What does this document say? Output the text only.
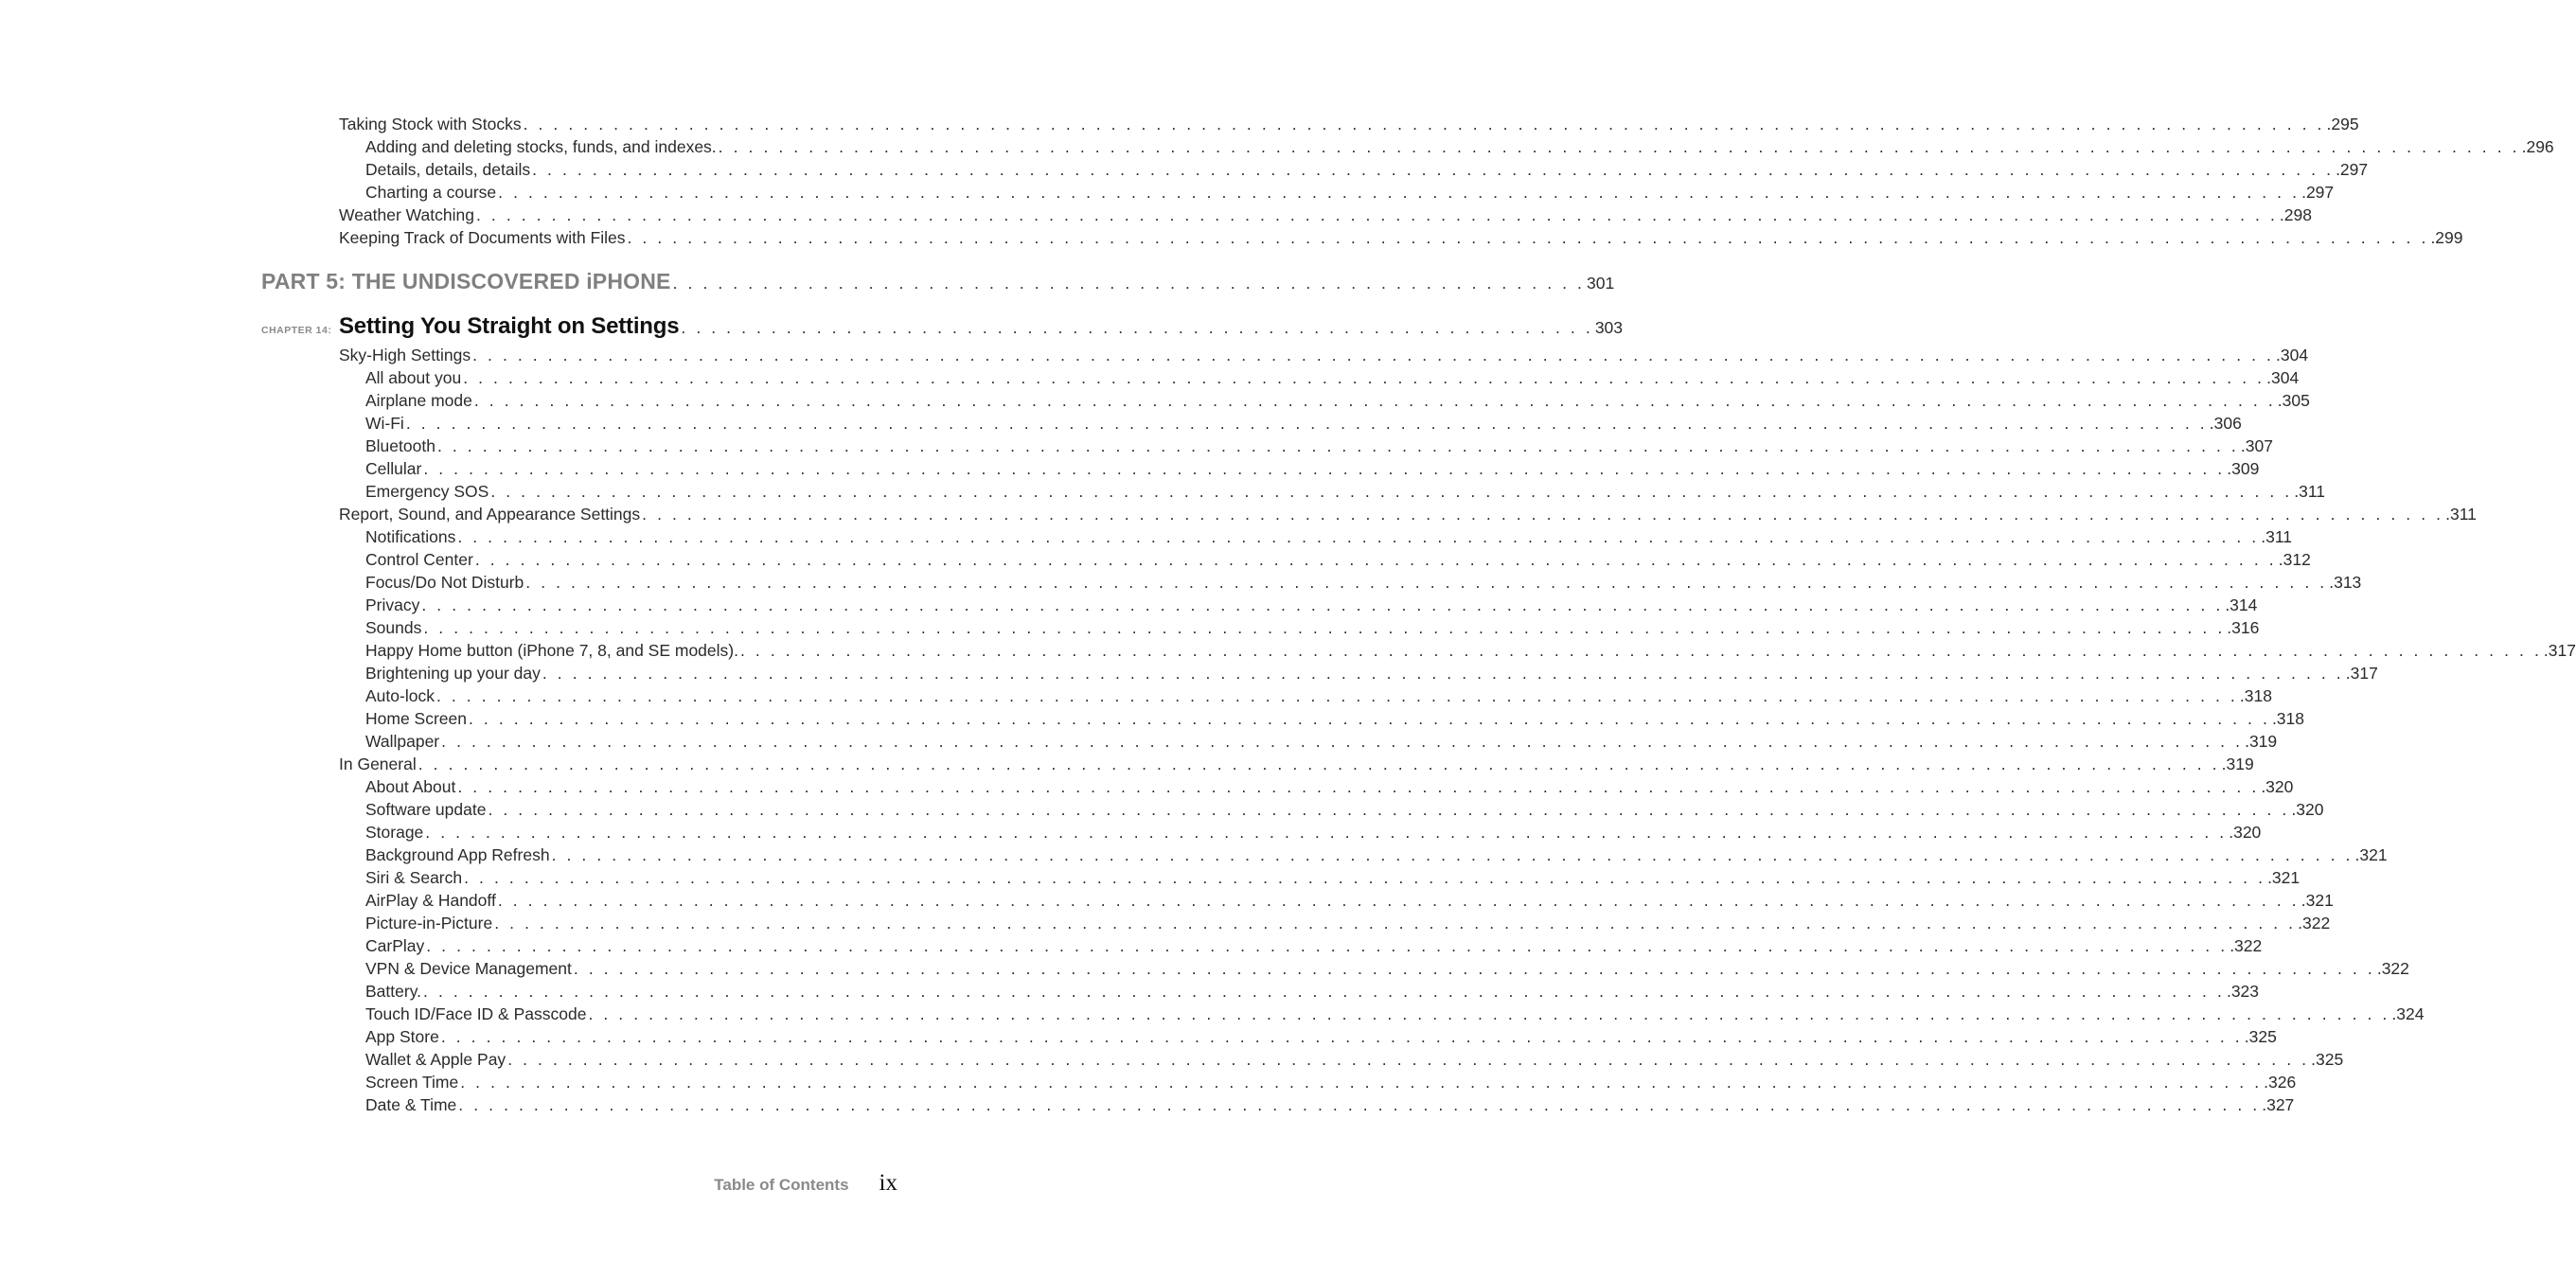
Taking Stock with Stocks . . . . . . . . . . . . . . . . . . . . . . . . . . . . . . . . . . . . . . . . . . . . . . . . . . . . . . . . . . . . . . . . . . . . . . . . . . . . . . . . . . . . . . . . . . . . . . . . . . . . . . . . . . . . . . . . . . . . . . . . .295
Adding and deleting stocks, funds, and indexes. . . . . . . . . . . . . . . . . . . . . . . . . . . . . . . . . . . . . . . . . . . . . . . . . . . . . . . . . . . . . . . . . . . . . . . . . . . . . . . . . . . . . . . . . . . . . . . . . . . . . . . . . . . . . . . . . . . . . . . . . .296
Details, details, details . . . . . . . . . . . . . . . . . . . . . . . . . . . . . . . . . . . . . . . . . . . . . . . . . . . . . . . . . . . . . . . . . . . . . . . . . . . . . . . . . . . . . . . . . . . . . . . . . . . . . . . . . . . . . . . . . . . . . . . . .297
Charting a course . . . . . . . . . . . . . . . . . . . . . . . . . . . . . . . . . . . . . . . . . . . . . . . . . . . . . . . . . . . . . . . . . . . . . . . . . . . . . . . . . . . . . . . . . . . . . . . . . . . . . . . . . . . . . . . . . . . . . . . . .297
Weather Watching . . . . . . . . . . . . . . . . . . . . . . . . . . . . . . . . . . . . . . . . . . . . . . . . . . . . . . . . . . . . . . . . . . . . . . . . . . . . . . . . . . . . . . . . . . . . . . . . . . . . . . . . . . . . . . . . . . . . . . . . .298
Keeping Track of Documents with Files . . . . . . . . . . . . . . . . . . . . . . . . . . . . . . . . . . . . . . . . . . . . . . . . . . . . . . . . . . . . . . . . . . . . . . . . . . . . . . . . . . . . . . . . . . . . . . . . . . . . . . . . . . . . . . . . . . . . . . . . .299
PART 5: THE UNDISCOVERED iPHONE . . . . . . . . . . . . . . . . . . . . . . . . . . . . . . . . . . . . . . . . . . . . . . . . . . . . . . . . . . . . . 301
CHAPTER 14: Setting You Straight on Settings . . . . . . . . . . . . . . . . . . . . . . . . . . . . . . . . . . . . . . . . . . . . . . . . . . . . . . . . . . . . . 303
Sky-High Settings . . . . . . . . . . . . . . . . . . . . . . . . . . . . . . . . . . . . . . . . . . . . . . . . . . . . . . . . . . . . . . . . . . . . . . . . . . . . . . . . . . . . . . . . . . . . . . . . . . . . . . . . . . . . . . . . . . . . . . . . .304
All about you . . . . . . . . . . . . . . . . . . . . . . . . . . . . . . . . . . . . . . . . . . . . . . . . . . . . . . . . . . . . . . . . . . . . . . . . . . . . . . . . . . . . . . . . . . . . . . . . . . . . . . . . . . . . . . . . . . . . . . . . .304
Airplane mode . . . . . . . . . . . . . . . . . . . . . . . . . . . . . . . . . . . . . . . . . . . . . . . . . . . . . . . . . . . . . . . . . . . . . . . . . . . . . . . . . . . . . . . . . . . . . . . . . . . . . . . . . . . . . . . . . . . . . . . . .305
Wi-Fi . . . . . . . . . . . . . . . . . . . . . . . . . . . . . . . . . . . . . . . . . . . . . . . . . . . . . . . . . . . . . . . . . . . . . . . . . . . . . . . . . . . . . . . . . . . . . . . . . . . . . . . . . . . . . . . . . . . . . . . . .306
Bluetooth . . . . . . . . . . . . . . . . . . . . . . . . . . . . . . . . . . . . . . . . . . . . . . . . . . . . . . . . . . . . . . . . . . . . . . . . . . . . . . . . . . . . . . . . . . . . . . . . . . . . . . . . . . . . . . . . . . . . . . . . .307
Cellular . . . . . . . . . . . . . . . . . . . . . . . . . . . . . . . . . . . . . . . . . . . . . . . . . . . . . . . . . . . . . . . . . . . . . . . . . . . . . . . . . . . . . . . . . . . . . . . . . . . . . . . . . . . . . . . . . . . . . . . . .309
Emergency SOS . . . . . . . . . . . . . . . . . . . . . . . . . . . . . . . . . . . . . . . . . . . . . . . . . . . . . . . . . . . . . . . . . . . . . . . . . . . . . . . . . . . . . . . . . . . . . . . . . . . . . . . . . . . . . . . . . . . . . . . . .311
Report, Sound, and Appearance Settings . . . . . . . . . . . . . . . . . . . . . . . . . . . . . . . . . . . . . . . . . . . . . . . . . . . . . . . . . . . . . . . . . . . . . . . . . . . . . . . . . . . . . . . . . . . . . . . . . . . . . . . . . . . . . . . . . . . . . . . . .311
Notifications . . . . . . . . . . . . . . . . . . . . . . . . . . . . . . . . . . . . . . . . . . . . . . . . . . . . . . . . . . . . . . . . . . . . . . . . . . . . . . . . . . . . . . . . . . . . . . . . . . . . . . . . . . . . . . . . . . . . . . . . .311
Control Center . . . . . . . . . . . . . . . . . . . . . . . . . . . . . . . . . . . . . . . . . . . . . . . . . . . . . . . . . . . . . . . . . . . . . . . . . . . . . . . . . . . . . . . . . . . . . . . . . . . . . . . . . . . . . . . . . . . . . . . . .312
Focus/Do Not Disturb . . . . . . . . . . . . . . . . . . . . . . . . . . . . . . . . . . . . . . . . . . . . . . . . . . . . . . . . . . . . . . . . . . . . . . . . . . . . . . . . . . . . . . . . . . . . . . . . . . . . . . . . . . . . . . . . . . . . . . . . .313
Privacy . . . . . . . . . . . . . . . . . . . . . . . . . . . . . . . . . . . . . . . . . . . . . . . . . . . . . . . . . . . . . . . . . . . . . . . . . . . . . . . . . . . . . . . . . . . . . . . . . . . . . . . . . . . . . . . . . . . . . . . . .314
Sounds . . . . . . . . . . . . . . . . . . . . . . . . . . . . . . . . . . . . . . . . . . . . . . . . . . . . . . . . . . . . . . . . . . . . . . . . . . . . . . . . . . . . . . . . . . . . . . . . . . . . . . . . . . . . . . . . . . . . . . . . .316
Happy Home button (iPhone 7, 8, and SE models). . . . . . . . . . . . . . . . . . . . . . . . . . . . . . . . . . . . . . . . . . . . . . . . . . . . . . . . . . . . . . . . . . . . . . . . . . . . . . . . . . . . . . . . . . . . . . . . . . . . . . . . . . . . . . . . . . . . . . . . . .317
Brightening up your day . . . . . . . . . . . . . . . . . . . . . . . . . . . . . . . . . . . . . . . . . . . . . . . . . . . . . . . . . . . . . . . . . . . . . . . . . . . . . . . . . . . . . . . . . . . . . . . . . . . . . . . . . . . . . . . . . . . . . . . . .317
Auto-lock . . . . . . . . . . . . . . . . . . . . . . . . . . . . . . . . . . . . . . . . . . . . . . . . . . . . . . . . . . . . . . . . . . . . . . . . . . . . . . . . . . . . . . . . . . . . . . . . . . . . . . . . . . . . . . . . . . . . . . . . .318
Home Screen . . . . . . . . . . . . . . . . . . . . . . . . . . . . . . . . . . . . . . . . . . . . . . . . . . . . . . . . . . . . . . . . . . . . . . . . . . . . . . . . . . . . . . . . . . . . . . . . . . . . . . . . . . . . . . . . . . . . . . . . .318
Wallpaper . . . . . . . . . . . . . . . . . . . . . . . . . . . . . . . . . . . . . . . . . . . . . . . . . . . . . . . . . . . . . . . . . . . . . . . . . . . . . . . . . . . . . . . . . . . . . . . . . . . . . . . . . . . . . . . . . . . . . . . . .319
In General . . . . . . . . . . . . . . . . . . . . . . . . . . . . . . . . . . . . . . . . . . . . . . . . . . . . . . . . . . . . . . . . . . . . . . . . . . . . . . . . . . . . . . . . . . . . . . . . . . . . . . . . . . . . . . . . . . . . . . . . .319
About About . . . . . . . . . . . . . . . . . . . . . . . . . . . . . . . . . . . . . . . . . . . . . . . . . . . . . . . . . . . . . . . . . . . . . . . . . . . . . . . . . . . . . . . . . . . . . . . . . . . . . . . . . . . . . . . . . . . . . . . . .320
Software update . . . . . . . . . . . . . . . . . . . . . . . . . . . . . . . . . . . . . . . . . . . . . . . . . . . . . . . . . . . . . . . . . . . . . . . . . . . . . . . . . . . . . . . . . . . . . . . . . . . . . . . . . . . . . . . . . . . . . . . . .320
Storage . . . . . . . . . . . . . . . . . . . . . . . . . . . . . . . . . . . . . . . . . . . . . . . . . . . . . . . . . . . . . . . . . . . . . . . . . . . . . . . . . . . . . . . . . . . . . . . . . . . . . . . . . . . . . . . . . . . . . . . . .320
Background App Refresh . . . . . . . . . . . . . . . . . . . . . . . . . . . . . . . . . . . . . . . . . . . . . . . . . . . . . . . . . . . . . . . . . . . . . . . . . . . . . . . . . . . . . . . . . . . . . . . . . . . . . . . . . . . . . . . . . . . . . . . . .321
Siri & Search . . . . . . . . . . . . . . . . . . . . . . . . . . . . . . . . . . . . . . . . . . . . . . . . . . . . . . . . . . . . . . . . . . . . . . . . . . . . . . . . . . . . . . . . . . . . . . . . . . . . . . . . . . . . . . . . . . . . . . . . .321
AirPlay & Handoff . . . . . . . . . . . . . . . . . . . . . . . . . . . . . . . . . . . . . . . . . . . . . . . . . . . . . . . . . . . . . . . . . . . . . . . . . . . . . . . . . . . . . . . . . . . . . . . . . . . . . . . . . . . . . . . . . . . . . . . . .321
Picture-in-Picture . . . . . . . . . . . . . . . . . . . . . . . . . . . . . . . . . . . . . . . . . . . . . . . . . . . . . . . . . . . . . . . . . . . . . . . . . . . . . . . . . . . . . . . . . . . . . . . . . . . . . . . . . . . . . . . . . . . . . . . . .322
CarPlay . . . . . . . . . . . . . . . . . . . . . . . . . . . . . . . . . . . . . . . . . . . . . . . . . . . . . . . . . . . . . . . . . . . . . . . . . . . . . . . . . . . . . . . . . . . . . . . . . . . . . . . . . . . . . . . . . . . . . . . . .322
VPN & Device Management . . . . . . . . . . . . . . . . . . . . . . . . . . . . . . . . . . . . . . . . . . . . . . . . . . . . . . . . . . . . . . . . . . . . . . . . . . . . . . . . . . . . . . . . . . . . . . . . . . . . . . . . . . . . . . . . . . . . . . . . .322
Battery. . . . . . . . . . . . . . . . . . . . . . . . . . . . . . . . . . . . . . . . . . . . . . . . . . . . . . . . . . . . . . . . . . . . . . . . . . . . . . . . . . . . . . . . . . . . . . . . . . . . . . . . . . . . . . . . . . . . . . . . . .323
Touch ID/Face ID & Passcode . . . . . . . . . . . . . . . . . . . . . . . . . . . . . . . . . . . . . . . . . . . . . . . . . . . . . . . . . . . . . . . . . . . . . . . . . . . . . . . . . . . . . . . . . . . . . . . . . . . . . . . . . . . . . . . . . . . . . . . . .324
App Store . . . . . . . . . . . . . . . . . . . . . . . . . . . . . . . . . . . . . . . . . . . . . . . . . . . . . . . . . . . . . . . . . . . . . . . . . . . . . . . . . . . . . . . . . . . . . . . . . . . . . . . . . . . . . . . . . . . . . . . . .325
Wallet & Apple Pay . . . . . . . . . . . . . . . . . . . . . . . . . . . . . . . . . . . . . . . . . . . . . . . . . . . . . . . . . . . . . . . . . . . . . . . . . . . . . . . . . . . . . . . . . . . . . . . . . . . . . . . . . . . . . . . . . . . . . . . . .325
Screen Time . . . . . . . . . . . . . . . . . . . . . . . . . . . . . . . . . . . . . . . . . . . . . . . . . . . . . . . . . . . . . . . . . . . . . . . . . . . . . . . . . . . . . . . . . . . . . . . . . . . . . . . . . . . . . . . . . . . . . . . . .326
Date & Time . . . . . . . . . . . . . . . . . . . . . . . . . . . . . . . . . . . . . . . . . . . . . . . . . . . . . . . . . . . . . . . . . . . . . . . . . . . . . . . . . . . . . . . . . . . . . . . . . . . . . . . . . . . . . . . . . . . . . . . . .327
Table of Contents ix
